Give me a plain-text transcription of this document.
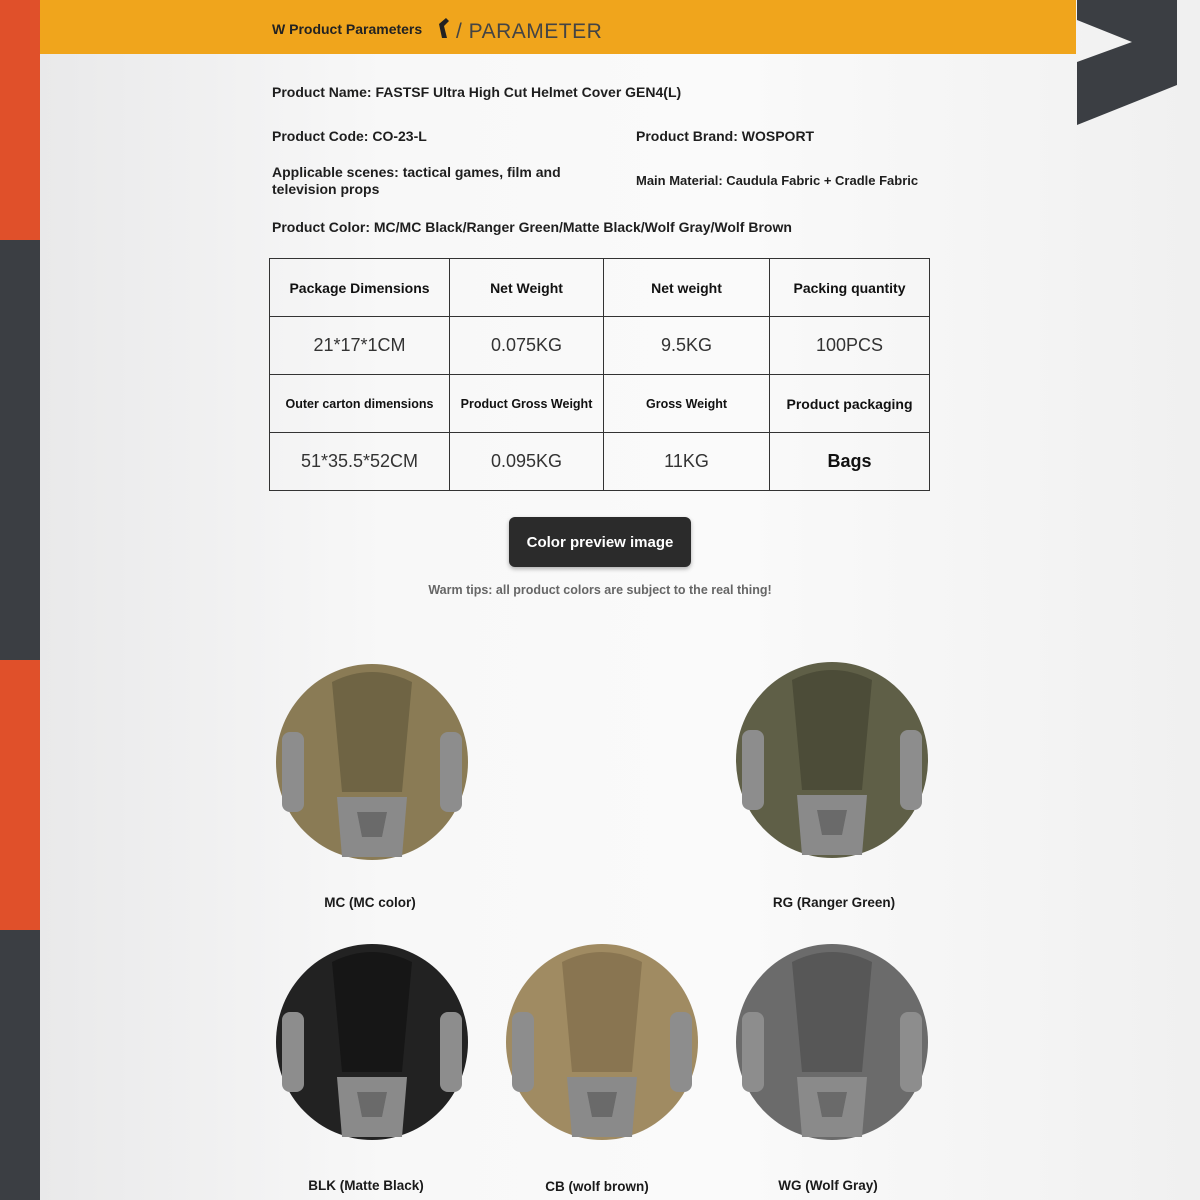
W Product Parameters / PARAMETER
Product Name: FASTSF Ultra High Cut Helmet Cover GEN4(L)
Product Code: CO-23-L	Product Brand: WOSPORT
Applicable scenes: tactical games, film and
television props
Main Material: Caudula Fabric + Cradle Fabric
Product Color: MC/MC Black/Ranger Green/Matte Black/Wolf Gray/Wolf Brown
Package Dimensions	Net Weight	Net weight	Packing quantity
21*17*1CM	0.075KG	9.5KG	100PCS
Outer carton dimensions	Product Gross Weight	Gross Weight	Product packaging
51*35.5*52CM	0.095KG	11KG	Bags
Color preview image
Warm tips: all product colors are subject to the real thing!
MC (MC color)	RG (Ranger Green)
BLK (Matte Black)	CB (wolf brown)	WG (Wolf Gray)
